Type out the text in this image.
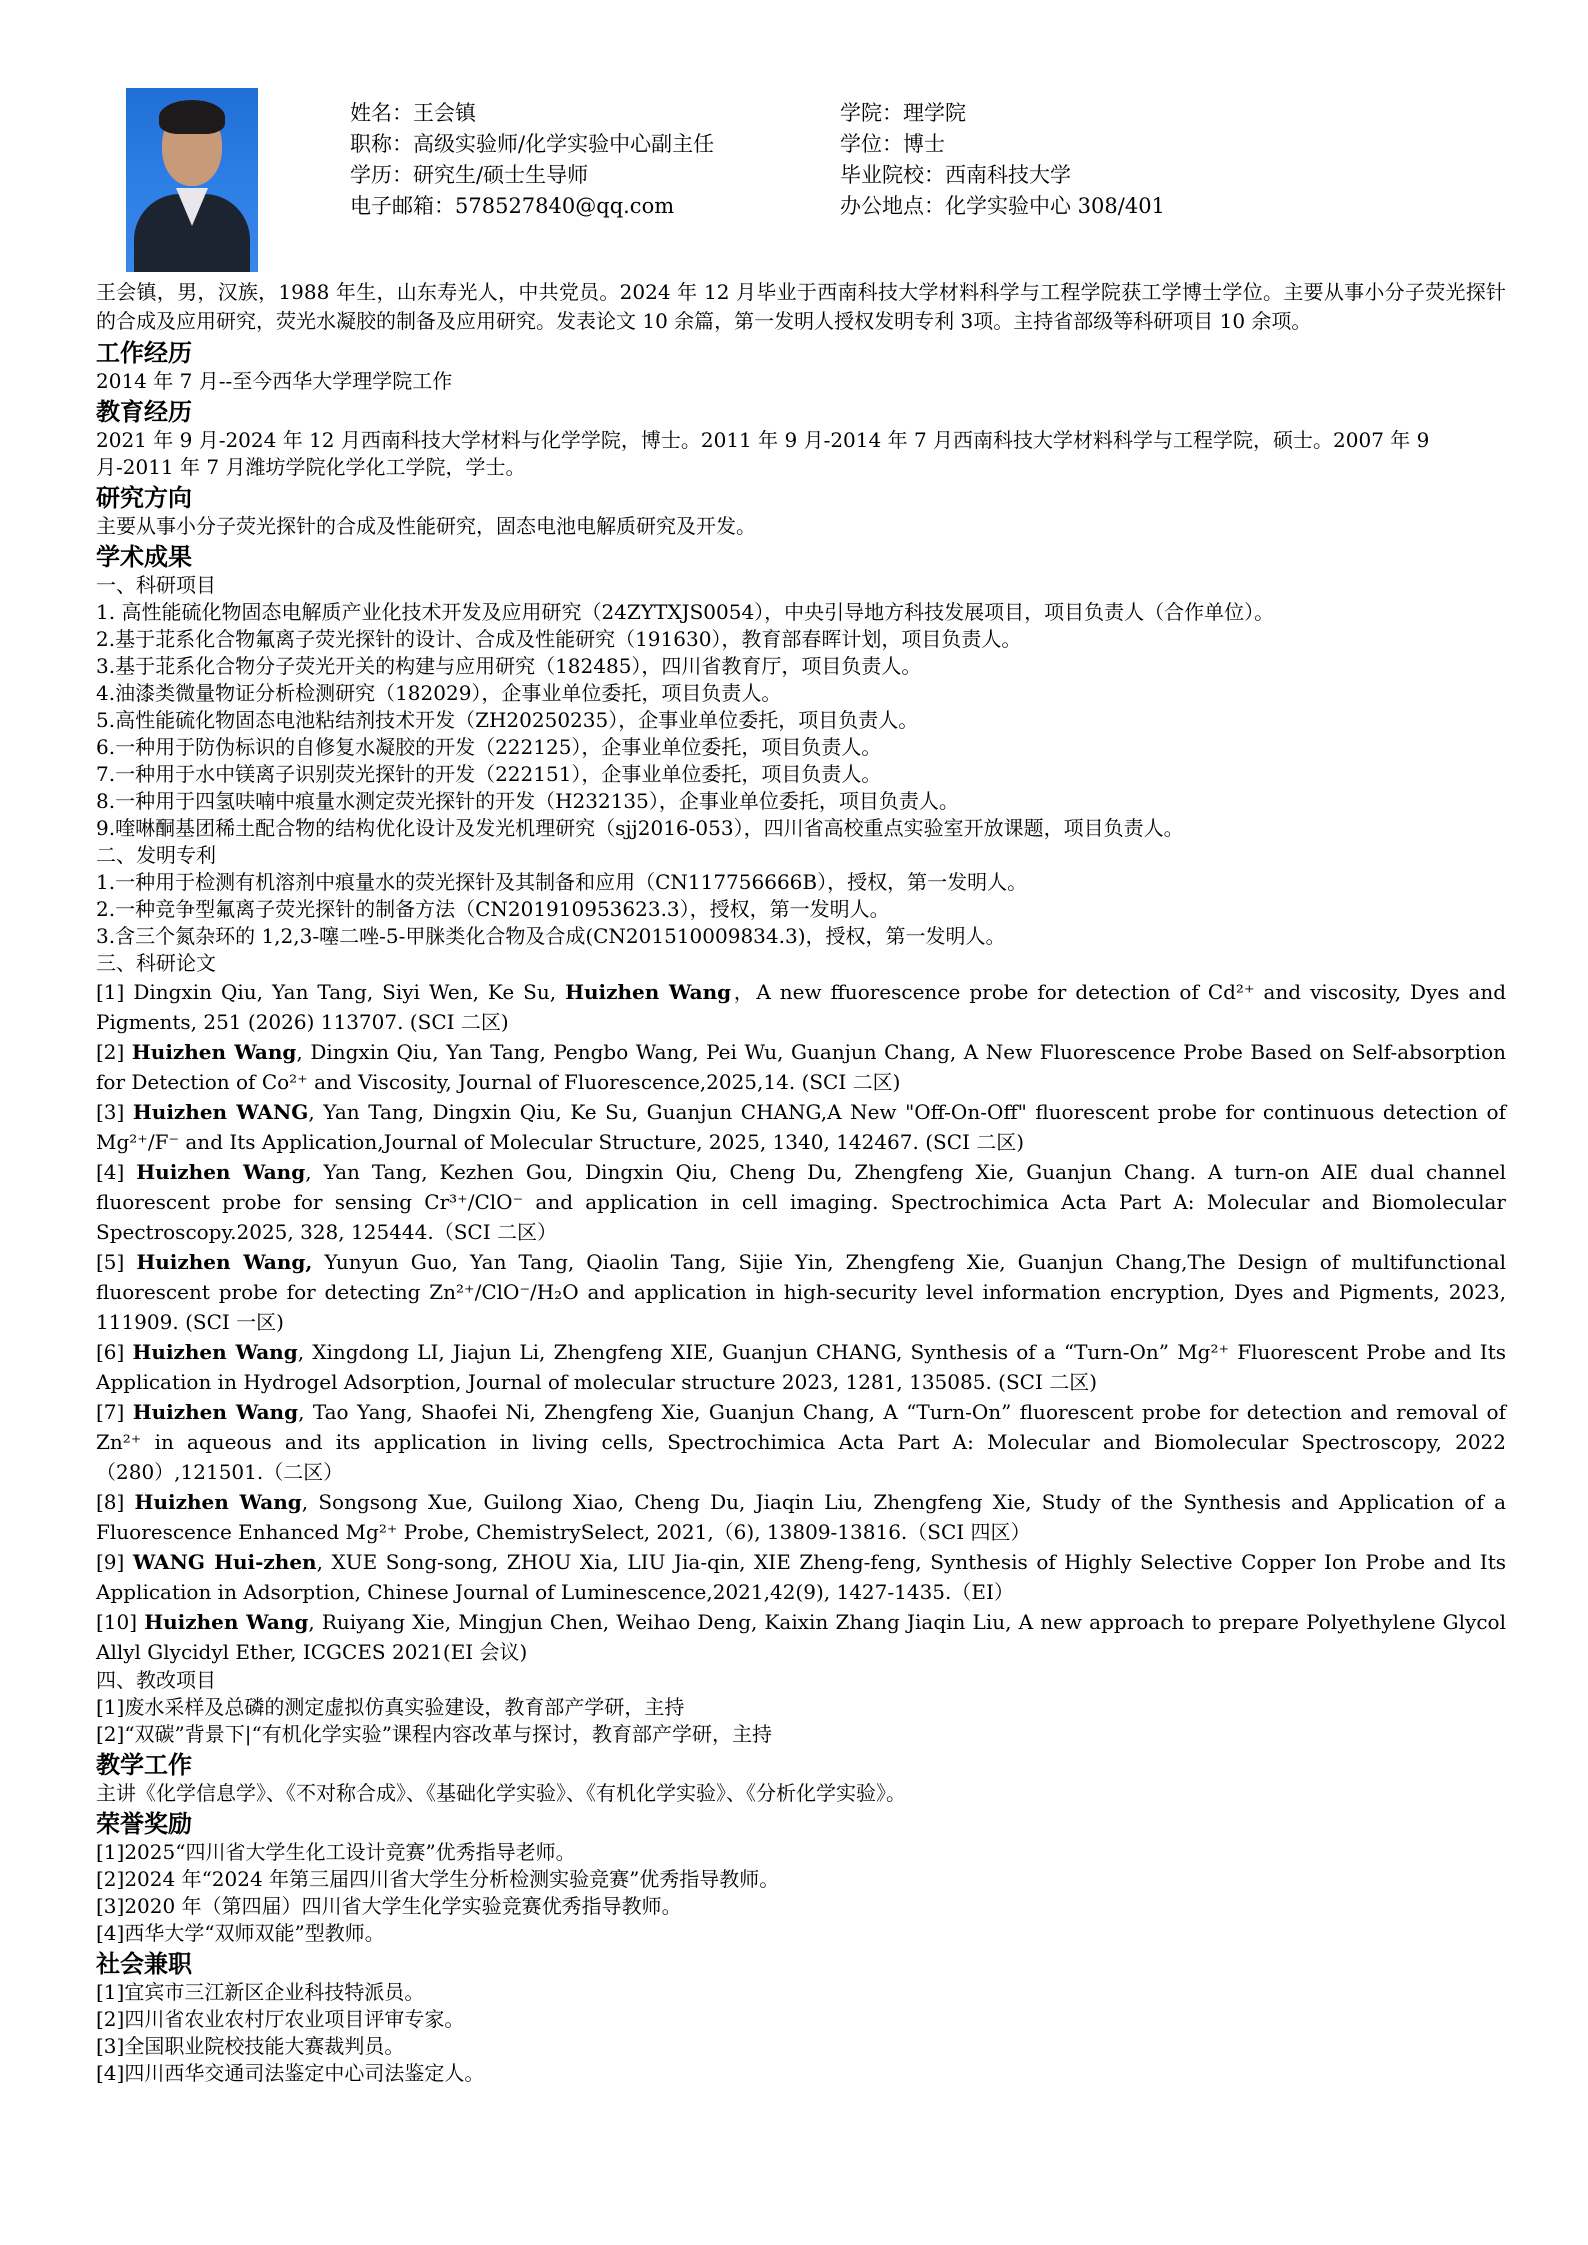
姓名：王会镇
职称：高级实验师/化学实验中心副主任
学历：研究生/硕士生导师
电子邮箱：578527840@qq.com
学院：理学院
学位：博士
毕业院校：西南科技大学
办公地点：化学实验中心 308/401
王会镇，男，汉族，1988 年生，山东寿光人，中共党员。2024 年 12 月毕业于西南科技大学材料科学与工程学院获工学博士学位。主要从事小分子荧光探针的合成及应用研究，荧光水凝胶的制备及应用研究。发表论文 10 余篇，第一发明人授权发明专利 3项。主持省部级等科研项目 10 余项。
工作经历
2014 年 7 月--至今西华大学理学院工作
教育经历
2021 年 9 月-2024 年 12 月西南科技大学材料与化学学院，博士。2011 年 9 月-2014 年 7 月西南科技大学材料科学与工程学院，硕士。2007 年 9 月-2011 年 7 月潍坊学院化学化工学院，学士。
研究方向
主要从事小分子荧光探针的合成及性能研究，固态电池电解质研究及开发。
学术成果
一、科研项目
1. 高性能硫化物固态电解质产业化技术开发及应用研究（24ZYTXJS0054），中央引导地方科技发展项目，项目负责人（合作单位）。
2.基于苝系化合物氟离子荧光探针的设计、合成及性能研究（191630），教育部春晖计划，项目负责人。
3.基于苝系化合物分子荧光开关的构建与应用研究（182485），四川省教育厅，项目负责人。
4.油漆类微量物证分析检测研究（182029），企事业单位委托，项目负责人。
5.高性能硫化物固态电池粘结剂技术开发（ZH20250235），企事业单位委托，项目负责人。
6.一种用于防伪标识的自修复水凝胶的开发（222125），企事业单位委托，项目负责人。
7.一种用于水中镁离子识别荧光探针的开发（222151），企事业单位委托，项目负责人。
8.一种用于四氢呋喃中痕量水测定荧光探针的开发（H232135），企事业单位委托，项目负责人。
9.喹啉酮基团稀土配合物的结构优化设计及发光机理研究（sjj2016-053），四川省高校重点实验室开放课题，项目负责人。
二、发明专利
1.一种用于检测有机溶剂中痕量水的荧光探针及其制备和应用（CN117756666B），授权，第一发明人。
2.一种竞争型氟离子荧光探针的制备方法（CN201910953623.3），授权，第一发明人。
3.含三个氮杂环的 1,2,3-噻二唑-5-甲脒类化合物及合成(CN201510009834.3)，授权，第一发明人。
三、科研论文
[1] Dingxin Qiu, Yan Tang, Siyi Wen, Ke Su, Huizhen Wang，A new ffuorescence probe for detection of Cd²⁺ and viscosity, Dyes and Pigments, 251 (2026) 113707. (SCI 二区)
[2] Huizhen Wang, Dingxin Qiu, Yan Tang, Pengbo Wang, Pei Wu, Guanjun Chang, A New Fluorescence Probe Based on Self-absorption for Detection of Co²⁺ and Viscosity, Journal of Fluorescence,2025,14. (SCI 二区)
[3] Huizhen WANG, Yan Tang, Dingxin Qiu, Ke Su, Guanjun CHANG,A New "Off-On-Off" fluorescent probe for continuous detection of Mg²⁺/F⁻ and Its Application,Journal of Molecular Structure, 2025, 1340, 142467. (SCI 二区)
[4] Huizhen Wang, Yan Tang, Kezhen Gou, Dingxin Qiu, Cheng Du, Zhengfeng Xie, Guanjun Chang. A turn-on AIE dual channel fluorescent probe for sensing Cr³⁺/ClO⁻ and application in cell imaging. Spectrochimica Acta Part A: Molecular and Biomolecular Spectroscopy.2025, 328, 125444.（SCI 二区）
[5] Huizhen Wang, Yunyun Guo, Yan Tang, Qiaolin Tang, Sijie Yin, Zhengfeng Xie, Guanjun Chang,The Design of multifunctional fluorescent probe for detecting Zn²⁺/ClO⁻/H₂O and application in high-security level information encryption, Dyes and Pigments, 2023, 111909. (SCI 一区)
[6] Huizhen Wang, Xingdong LI, Jiajun Li, Zhengfeng XIE, Guanjun CHANG, Synthesis of a “Turn-On” Mg²⁺ Fluorescent Probe and Its Application in Hydrogel Adsorption, Journal of molecular structure 2023, 1281, 135085. (SCI 二区)
[7] Huizhen Wang, Tao Yang, Shaofei Ni, Zhengfeng Xie, Guanjun Chang, A “Turn-On” fluorescent probe for detection and removal of Zn²⁺ in aqueous and its application in living cells, Spectrochimica Acta Part A: Molecular and Biomolecular Spectroscopy, 2022（280）,121501.（二区）
[8] Huizhen Wang, Songsong Xue, Guilong Xiao, Cheng Du, Jiaqin Liu, Zhengfeng Xie, Study of the Synthesis and Application of a Fluorescence Enhanced Mg²⁺ Probe, ChemistrySelect, 2021,（6), 13809-13816.（SCI 四区）
[9] WANG Hui-zhen, XUE Song-song, ZHOU Xia, LIU Jia-qin, XIE Zheng-feng, Synthesis of Highly Selective Copper Ion Probe and Its Application in Adsorption, Chinese Journal of Luminescence,2021,42(9), 1427-1435.（EI）
[10] Huizhen Wang, Ruiyang Xie, Mingjun Chen, Weihao Deng, Kaixin Zhang Jiaqin Liu, A new approach to prepare Polyethylene Glycol Allyl Glycidyl Ether, ICGCES 2021(EI 会议)
四、教改项目
[1]废水采样及总磷的测定虚拟仿真实验建设，教育部产学研，主持
[2]“双碳”背景下|“有机化学实验”课程内容改革与探讨，教育部产学研，主持
教学工作
主讲《化学信息学》、《不对称合成》、《基础化学实验》、《有机化学实验》、《分析化学实验》。
荣誉奖励
[1]2025“四川省大学生化工设计竞赛”优秀指导老师。
[2]2024 年“2024 年第三届四川省大学生分析检测实验竞赛”优秀指导教师。
[3]2020 年（第四届）四川省大学生化学实验竞赛优秀指导教师。
[4]西华大学“双师双能”型教师。
社会兼职
[1]宜宾市三江新区企业科技特派员。
[2]四川省农业农村厅农业项目评审专家。
[3]全国职业院校技能大赛裁判员。
[4]四川西华交通司法鉴定中心司法鉴定人。
